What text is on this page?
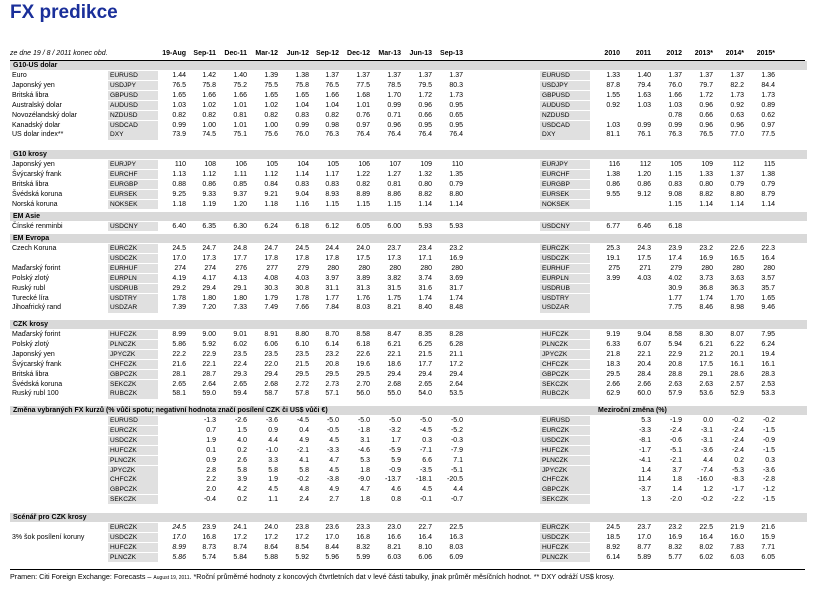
FX predikce
ze dne 19 / 8 / 2011 konec obd.	19-Aug	Sep-11	Dec-11	Mar-12	Jun-12	Sep-12	Dec-12	Mar-13	Jun-13	Sep-13	2010	2011	2012	2013*	2014*	2015*
G10-US dolar
Euro	EURUSD	1.44	1.42	1.40	1.39	1.38	1.37	1.37	1.37	1.37	1.37	EURUSD	1.33	1.40	1.37	1.37	1.37	1.36
Japonský yen	USDJPY	76.5	75.8	75.2	75.5	75.8	76.5	77.5	78.5	79.5	80.3	USDJPY	87.8	79.4	76.0	79.7	82.2	84.4
Britská libra	GBPUSD	1.65	1.66	1.66	1.65	1.65	1.66	1.68	1.70	1.72	1.73	GBPUSD	1.55	1.63	1.66	1.72	1.73	1.73
Australský dolar	AUDUSD	1.03	1.02	1.01	1.02	1.04	1.04	1.01	0.99	0.96	0.95	AUDUSD	0.92	1.03	1.03	0.96	0.92	0.89
Novozélandský dolar	NZDUSD	0.82	0.82	0.81	0.82	0.83	0.82	0.76	0.71	0.66	0.65	NZDUSD	0.78	0.66	0.63	0.62
Kanadský dolar	USDCAD	0.99	1.00	1.01	1.00	0.99	0.98	0.97	0.96	0.95	0.95	USDCAD	1.03	0.99	0.99	0.96	0.96	0.97
US dolar index**	DXY	73.9	74.5	75.1	75.6	76.0	76.3	76.4	76.4	76.4	76.4	DXY	81.1	76.1	76.3	76.5	77.0	77.5
G10 krosy
Japonský yen	EURJPY	110	108	106	105	104	105	106	107	109	110	EURJPY	116	112	105	109	112	115
Švýcarský frank	EURCHF	1.13	1.12	1.11	1.12	1.14	1.17	1.22	1.27	1.32	1.35	EURCHF	1.38	1.20	1.15	1.33	1.37	1.38
Britská libra	EURGBP	0.88	0.86	0.85	0.84	0.83	0.83	0.82	0.81	0.80	0.79	EURGBP	0.86	0.86	0.83	0.80	0.79	0.79
Švédská koruna	EURSEK	9.25	9.33	9.37	9.21	9.04	8.93	8.89	8.86	8.82	8.80	EURSEK	9.55	9.12	9.08	8.82	8.80	8.79
Norská koruna	NOKSEK	1.18	1.19	1.20	1.18	1.16	1.15	1.15	1.15	1.14	1.14	NOKSEK	1.15	1.14	1.14	1.14
EM Asie
Čínské renminbi	USDCNY	6.40	6.35	6.30	6.24	6.18	6.12	6.05	6.00	5.93	5.93	USDCNY	6.77	6.46	6.18
EM Evropa
Czech Koruna	EURCZK	24.5	24.7	24.8	24.7	24.5	24.4	24.0	23.7	23.4	23.2	EURCZK	25.3	24.3	23.9	23.2	22.6	22.3
USDCZK	17.0	17.3	17.7	17.8	17.8	17.8	17.5	17.3	17.1	16.9	USDCZK	19.1	17.5	17.4	16.9	16.5	16.4
Maďarský forint	EURHUF	274	274	276	277	279	280	280	280	280	280	EURHUF	275	271	279	280	280	280
Polský zlotý	EURPLN	4.19	4.17	4.13	4.08	4.03	3.97	3.89	3.82	3.74	3.69	EURPLN	3.99	4.03	4.02	3.73	3.63	3.57
Ruský rubl	USDRUB	29.2	29.4	29.1	30.3	30.8	31.1	31.3	31.5	31.6	31.7	USDRUB	30.9	36.8	36.3	35.7
Turecké líra	USDTRY	1.78	1.80	1.80	1.79	1.78	1.77	1.76	1.75	1.74	1.74	USDTRY	1.77	1.74	1.70	1.65
Jihoafrický rand	USDZAR	7.39	7.20	7.33	7.49	7.66	7.84	8.03	8.21	8.40	8.48	USDZAR	7.75	8.46	8.98	9.46
CZK krosy
Maďarský forint	HUFCZK	8.99	9.00	9.01	8.91	8.80	8.70	8.58	8.47	8.35	8.28	HUFCZK	9.19	9.04	8.58	8.30	8.07	7.95
Polský zlotý	PLNCZK	5.86	5.92	6.02	6.06	6.10	6.14	6.18	6.21	6.25	6.28	PLNCZK	6.33	6.07	5.94	6.21	6.22	6.24
Japonský yen	JPYCZK	22.2	22.9	23.5	23.5	23.5	23.2	22.6	22.1	21.5	21.1	JPYCZK	21.8	22.1	22.9	21.2	20.1	19.4
Švýcarský frank	CHFCZK	21.6	22.1	22.4	22.0	21.5	20.8	19.6	18.6	17.7	17.2	CHFCZK	18.3	20.4	20.8	17.5	16.1	16.1
Britská libra	GBPCZK	28.1	28.7	29.3	29.4	29.5	29.5	29.5	29.4	29.4	29.4	GBPCZK	29.5	28.4	28.8	29.1	28.6	28.3
Švédská koruna	SEKCZK	2.65	2.64	2.65	2.68	2.72	2.73	2.70	2.68	2.65	2.64	SEKCZK	2.66	2.66	2.63	2.63	2.57	2.53
Ruský rubl 100	RUBCZK	58.1	59.0	59.4	58.7	57.8	57.1	56.0	55.0	54.0	53.5	RUBCZK	62.9	60.0	57.9	53.6	52.9	53.3
Změna vybraných FX kurzů (% vůči spotu; negativní hodnota značí posílení CZK či US$ vůči €)	Meziroční změna (%)
EURUSD	-1.3	-2.6	-3.6	-4.5	-5.0	-5.0	-5.0	-5.0	-5.0	EURUSD	5.3	-1.9	0.0	-0.2	-0.2
EURCZK	0.7	1.5	0.9	0.4	-0.5	-1.8	-3.2	-4.5	-5.2	EURCZK	-3.3	-2.4	-3.1	-2.4	-1.5
USDCZK	1.9	4.0	4.4	4.9	4.5	3.1	1.7	0.3	-0.3	USDCZK	-8.1	-0.6	-3.1	-2.4	-0.9
HUFCZK	0.1	0.2	-1.0	-2.1	-3.3	-4.6	-5.9	-7.1	-7.9	HUFCZK	-1.7	-5.1	-3.6	-2.4	-1.5
PLNCZK	0.9	2.6	3.3	4.1	4.7	5.3	5.9	6.6	7.1	PLNCZK	-4.1	-2.1	4.4	0.2	0.3
JPYCZK	2.8	5.8	5.8	5.8	4.5	1.8	-0.9	-3.5	-5.1	JPYCZK	1.4	3.7	-7.4	-5.3	-3.6
CHFCZK	2.2	3.9	1.9	-0.2	-3.8	-9.0	-13.7	-18.1	-20.5	CHFCZK	11.4	1.8	-16.0	-8.3	-2.8
GBPCZK	2.0	4.2	4.5	4.8	4.9	4.7	4.6	4.5	4.4	GBPCZK	-3.7	1.4	1.2	-1.7	-1.2
SEKCZK	-0.4	0.2	1.1	2.4	2.7	1.8	0.8	-0.1	-0.7	SEKCZK	1.3	-2.0	-0.2	-2.2	-1.5
Scénář pro CZK krosy
EURCZK	24.5	23.9	24.1	24.0	23.8	23.6	23.3	23.0	22.7	22.5	EURCZK	24.5	23.7	23.2	22.5	21.9	21.6
3% šok posílení koruny	USDCZK	17.0	16.8	17.2	17.2	17.2	17.0	16.8	16.6	16.4	16.3	USDCZK	18.5	17.0	16.9	16.4	16.0	15.9
HUFCZK	8.99	8.73	8.74	8.64	8.54	8.44	8.32	8.21	8.10	8.03	HUFCZK	8.92	8.77	8.32	8.02	7.83	7.71
PLNCZK	5.86	5.74	5.84	5.88	5.92	5.96	5.99	6.03	6.06	6.09	PLNCZK	6.14	5.89	5.77	6.02	6.03	6.05
Pramen: Citi Foreign Exchange: Forecasts – August 19, 2011. *Roční průměrné hodnoty z koncových čtvrtletních dat v levé části tabulky, jinak průměr měsíčních hodnot. ** DXY odráží US$ krosy.
